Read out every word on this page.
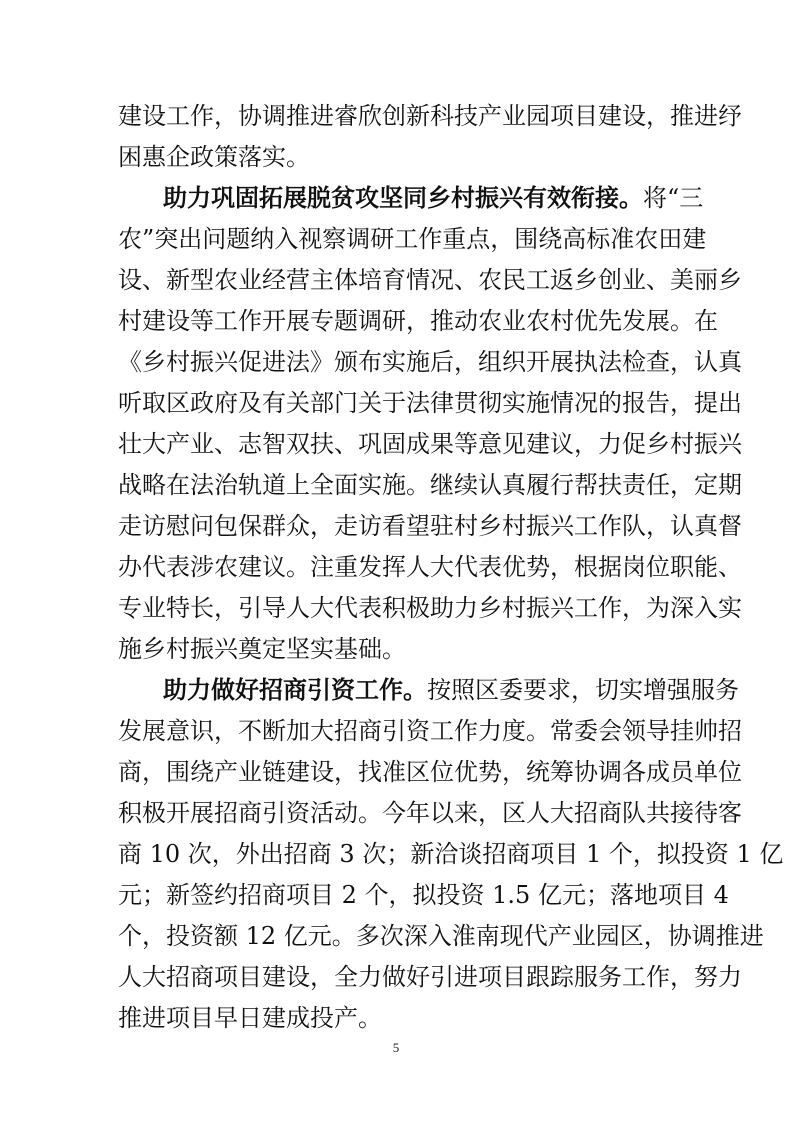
建设工作，协调推进睿欣创新科技产业园项目建设，推进纾
困惠企政策落实。
助力巩固拓展脱贫攻坚同乡村振兴有效衔接。将“三
农”突出问题纳入视察调研工作重点，围绕高标准农田建
设、新型农业经营主体培育情况、农民工返乡创业、美丽乡
村建设等工作开展专题调研，推动农业农村优先发展。在
《乡村振兴促进法》颁布实施后，组织开展执法检查，认真
听取区政府及有关部门关于法律贯彻实施情况的报告，提出
壮大产业、志智双扶、巩固成果等意见建议，力促乡村振兴
战略在法治轨道上全面实施。继续认真履行帮扶责任，定期
走访慰问包保群众，走访看望驻村乡村振兴工作队，认真督
办代表涉农建议。注重发挥人大代表优势，根据岗位职能、
专业特长，引导人大代表积极助力乡村振兴工作，为深入实
施乡村振兴奠定坚实基础。
助力做好招商引资工作。按照区委要求，切实增强服务
发展意识，不断加大招商引资工作力度。常委会领导挂帅招
商，围绕产业链建设，找准区位优势，统筹协调各成员单位
积极开展招商引资活动。今年以来，区人大招商队共接待客
商 10 次，外出招商 3 次；新洽谈招商项目 1 个，拟投资 1 亿
元；新签约招商项目 2 个，拟投资 1.5 亿元；落地项目 4
个，投资额 12 亿元。多次深入淮南现代产业园区，协调推进
人大招商项目建设，全力做好引进项目跟踪服务工作，努力
推进项目早日建成投产。
5
